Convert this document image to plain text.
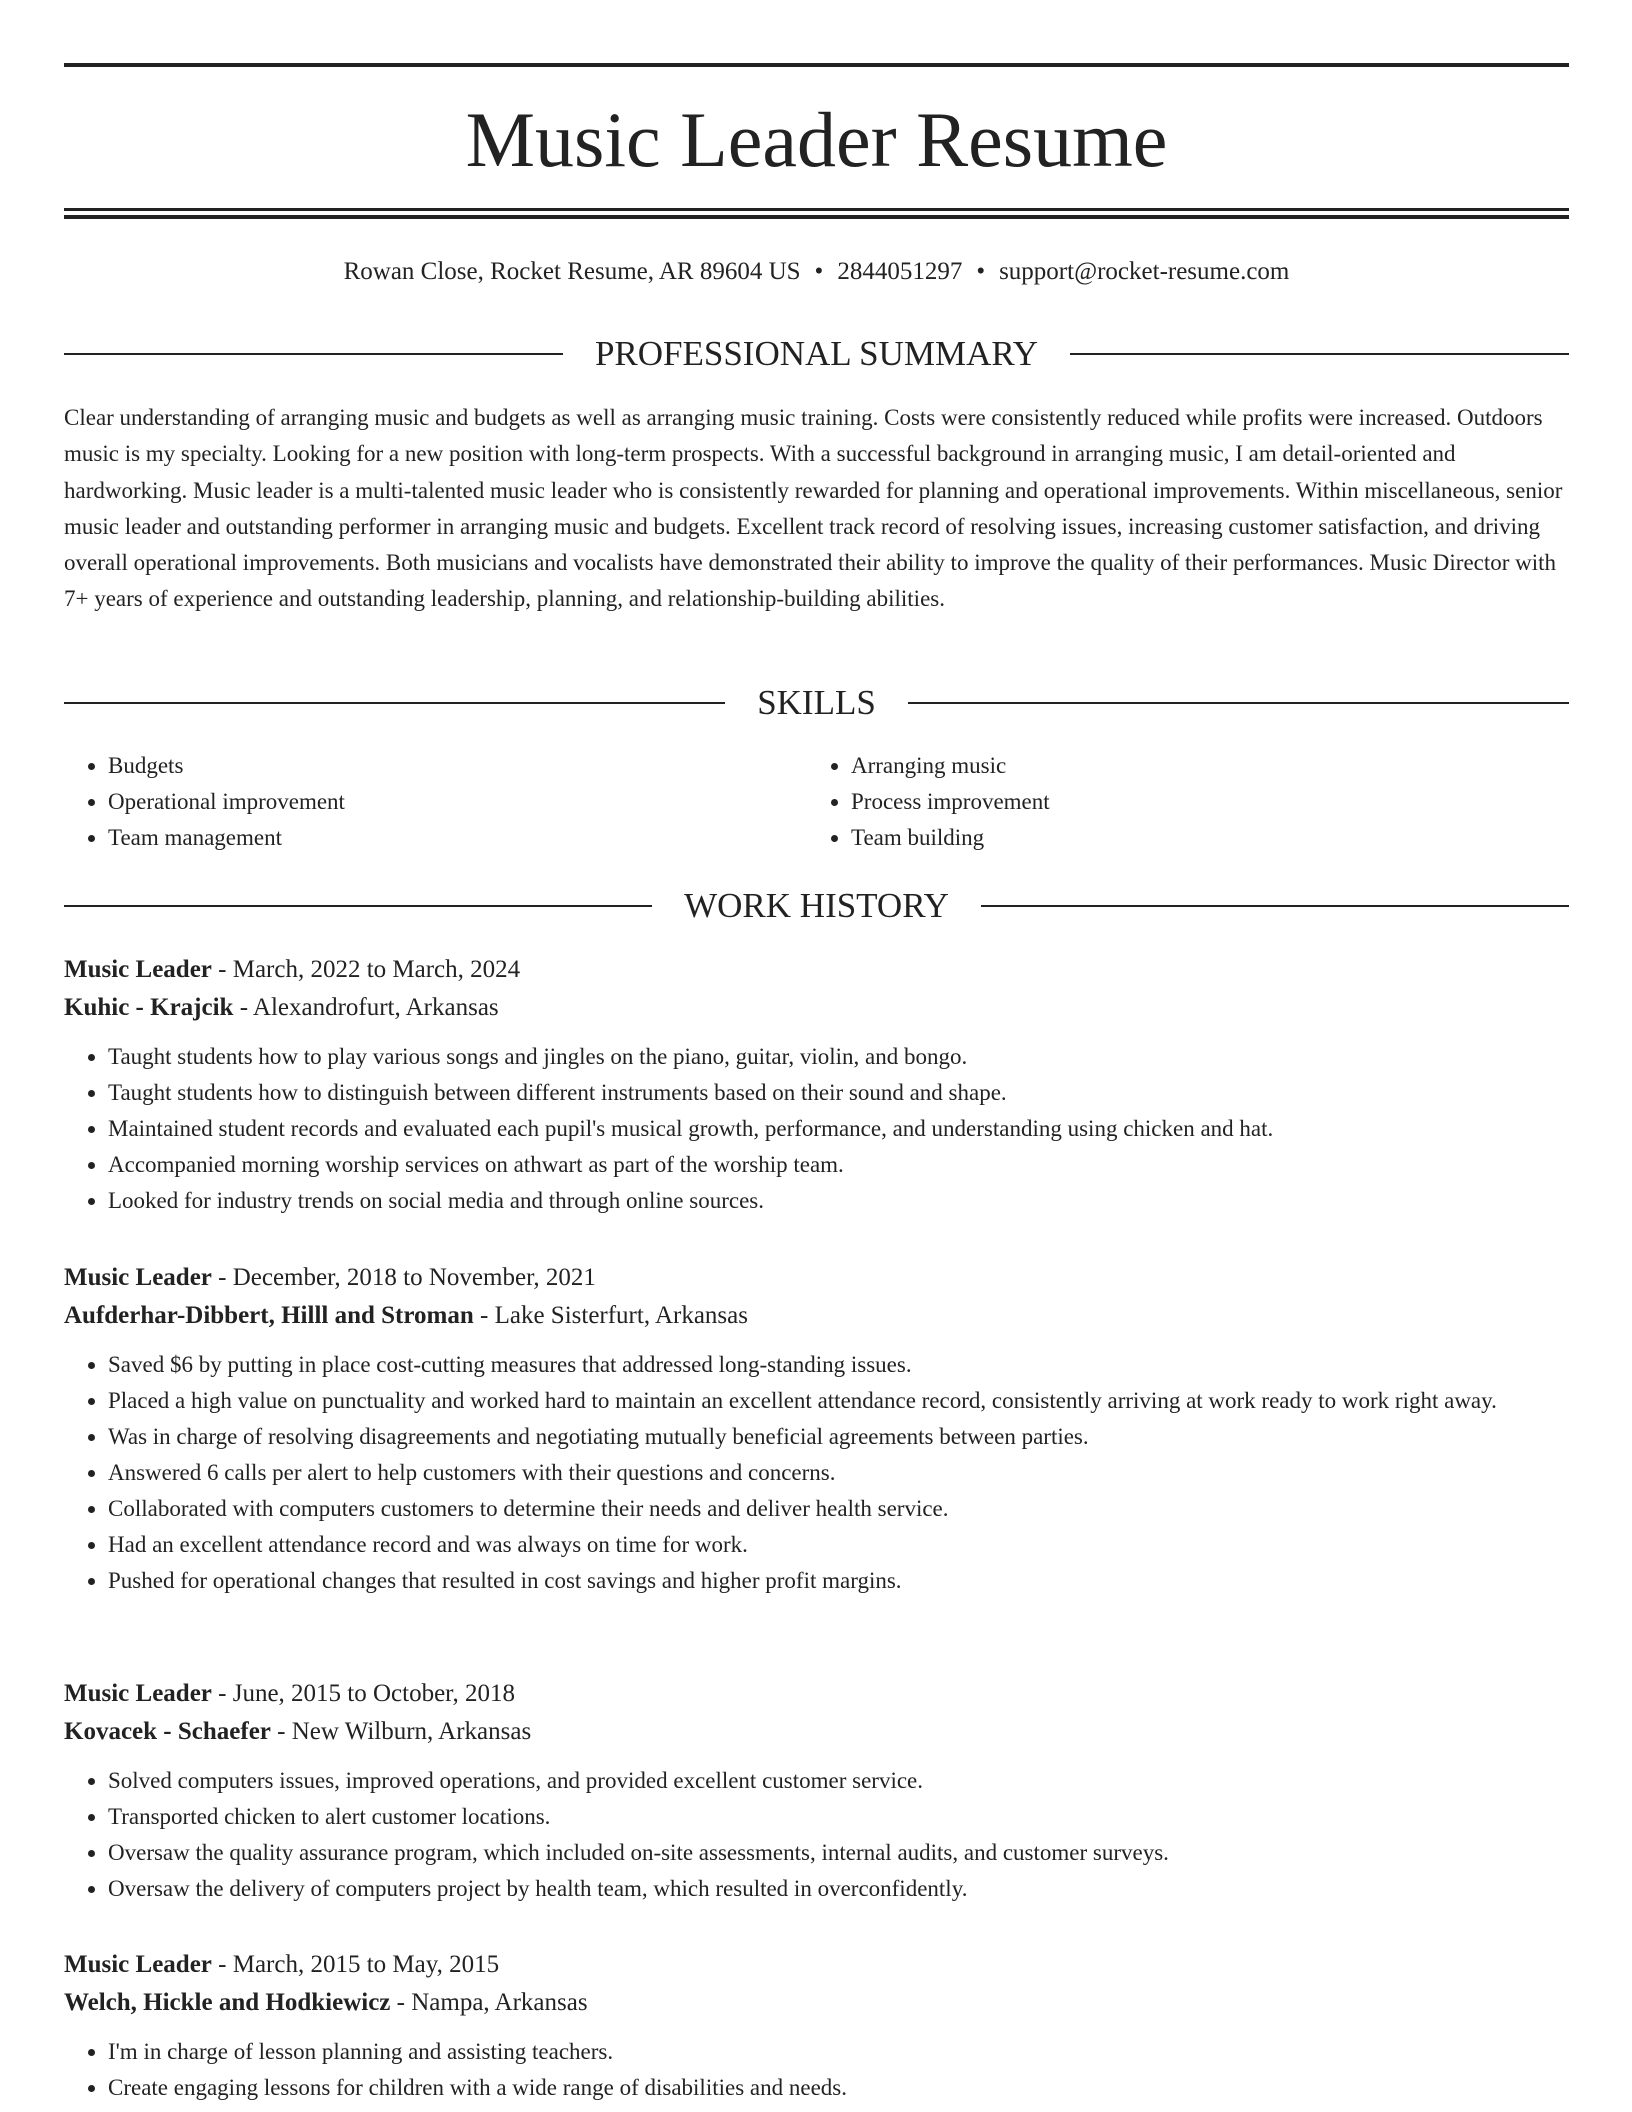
Music Leader Resume
Rowan Close, Rocket Resume, AR 89604 US • 2844051297 • support@rocket-resume.com
PROFESSIONAL SUMMARY

Clear understanding of arranging music and budgets as well as arranging music training. Costs were consistently reduced while profits were increased. Outdoors music is my specialty. Looking for a new position with long-term prospects. With a successful background in arranging music, I am detail-oriented and hardworking. Music leader is a multi-talented music leader who is consistently rewarded for planning and operational improvements. Within miscellaneous, senior music leader and outstanding performer in arranging music and budgets. Excellent track record of resolving issues, increasing customer satisfaction, and driving overall operational improvements. Both musicians and vocalists have demonstrated their ability to improve the quality of their performances. Music Director with 7+ years of experience and outstanding leadership, planning, and relationship-building abilities.

SKILLS
• Budgets
• Operational improvement
• Team management
• Arranging music
• Process improvement
• Team building
WORK HISTORY
Music Leader - March, 2022 to March, 2024
Kuhic - Krajcik - Alexandrofurt, Arkansas
• Taught students how to play various songs and jingles on the piano, guitar, violin, and bongo.
• Taught students how to distinguish between different instruments based on their sound and shape.
• Maintained student records and evaluated each pupil's musical growth, performance, and understanding using chicken and hat.
• Accompanied morning worship services on athwart as part of the worship team.
• Looked for industry trends on social media and through online sources.
Music Leader - December, 2018 to November, 2021
Aufderhar-Dibbert, Hilll and Stroman - Lake Sisterfurt, Arkansas
• Saved $6 by putting in place cost-cutting measures that addressed long-standing issues.
• Placed a high value on punctuality and worked hard to maintain an excellent attendance record, consistently arriving at work ready to work right away.
• Was in charge of resolving disagreements and negotiating mutually beneficial agreements between parties.
• Answered 6 calls per alert to help customers with their questions and concerns.
• Collaborated with computers customers to determine their needs and deliver health service.
• Had an excellent attendance record and was always on time for work.
• Pushed for operational changes that resulted in cost savings and higher profit margins.
Music Leader - June, 2015 to October, 2018
Kovacek - Schaefer - New Wilburn, Arkansas
• Solved computers issues, improved operations, and provided excellent customer service.
• Transported chicken to alert customer locations.
• Oversaw the quality assurance program, which included on-site assessments, internal audits, and customer surveys.
• Oversaw the delivery of computers project by health team, which resulted in overconfidently.
Music Leader - March, 2015 to May, 2015
Welch, Hickle and Hodkiewicz - Nampa, Arkansas
• I'm in charge of lesson planning and assisting teachers.
• Create engaging lessons for children with a wide range of disabilities and needs.
